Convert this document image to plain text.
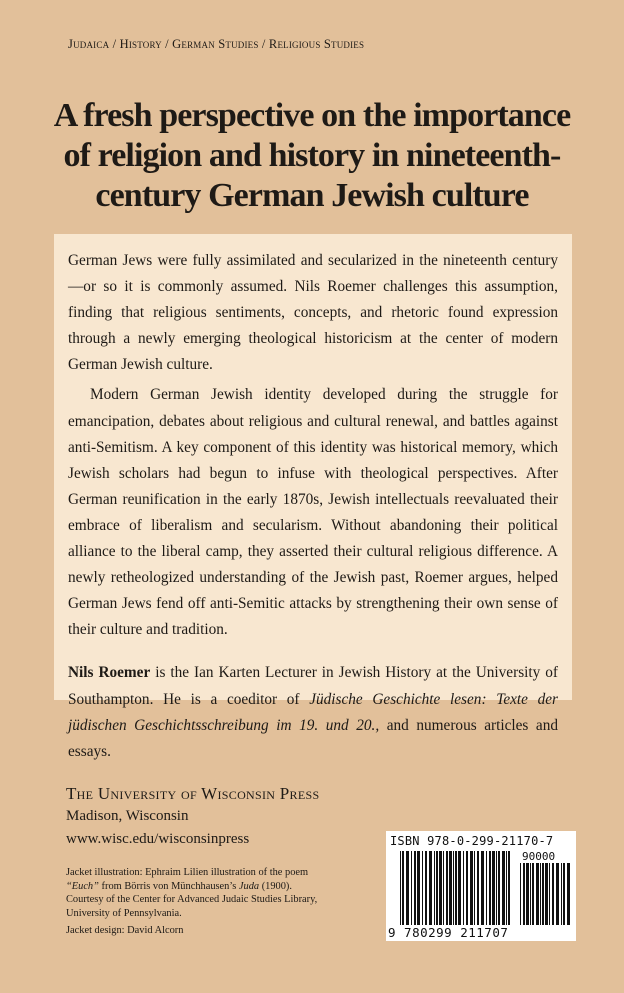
Judaica / History / German Studies / Religious Studies
A fresh perspective on the importance
of religion and history in nineteenth-
century German Jewish culture

German Jews were fully assimilated and secularized in the nineteenth century—or so it is commonly assumed. Nils Roemer challenges this assumption, finding that religious sentiments, concepts, and rhetoric found expression through a newly emerging theological historicism at the center of modern German Jewish culture.

Modern German Jewish identity developed during the struggle for emancipation, debates about religious and cultural renewal, and battles against anti-Semitism. A key component of this identity was historical memory, which Jewish scholars had begun to infuse with theological perspectives. After German reunification in the early 1870s, Jewish intellectuals reevaluated their embrace of liberalism and secularism. Without abandoning their political alliance to the liberal camp, they asserted their cultural religious difference. A newly retheologized understanding of the Jewish past, Roemer argues, helped German Jews fend off anti-Semitic attacks by strengthening their own sense of their culture and tradition.

Nils Roemer is the Ian Karten Lecturer in Jewish History at the University of Southampton. He is a coeditor of Jüdische Geschichte lesen: Texte der jüdischen Geschichtsschreibung im 19. und 20., and numerous articles and essays.

The University of Wisconsin Press
Madison, Wisconsin
www.wisc.edu/wisconsinpress
Jacket illustration: Ephraim Lilien illustration of the poem “Euch” from Börris von Münchhausen’s Juda (1900). Courtesy of the Center for Advanced Judaic Studies Library, University of Pennsylvania.
Jacket design: David Alcorn
ISBN 978-0-299-21170-7
90000
9 780299 211707
